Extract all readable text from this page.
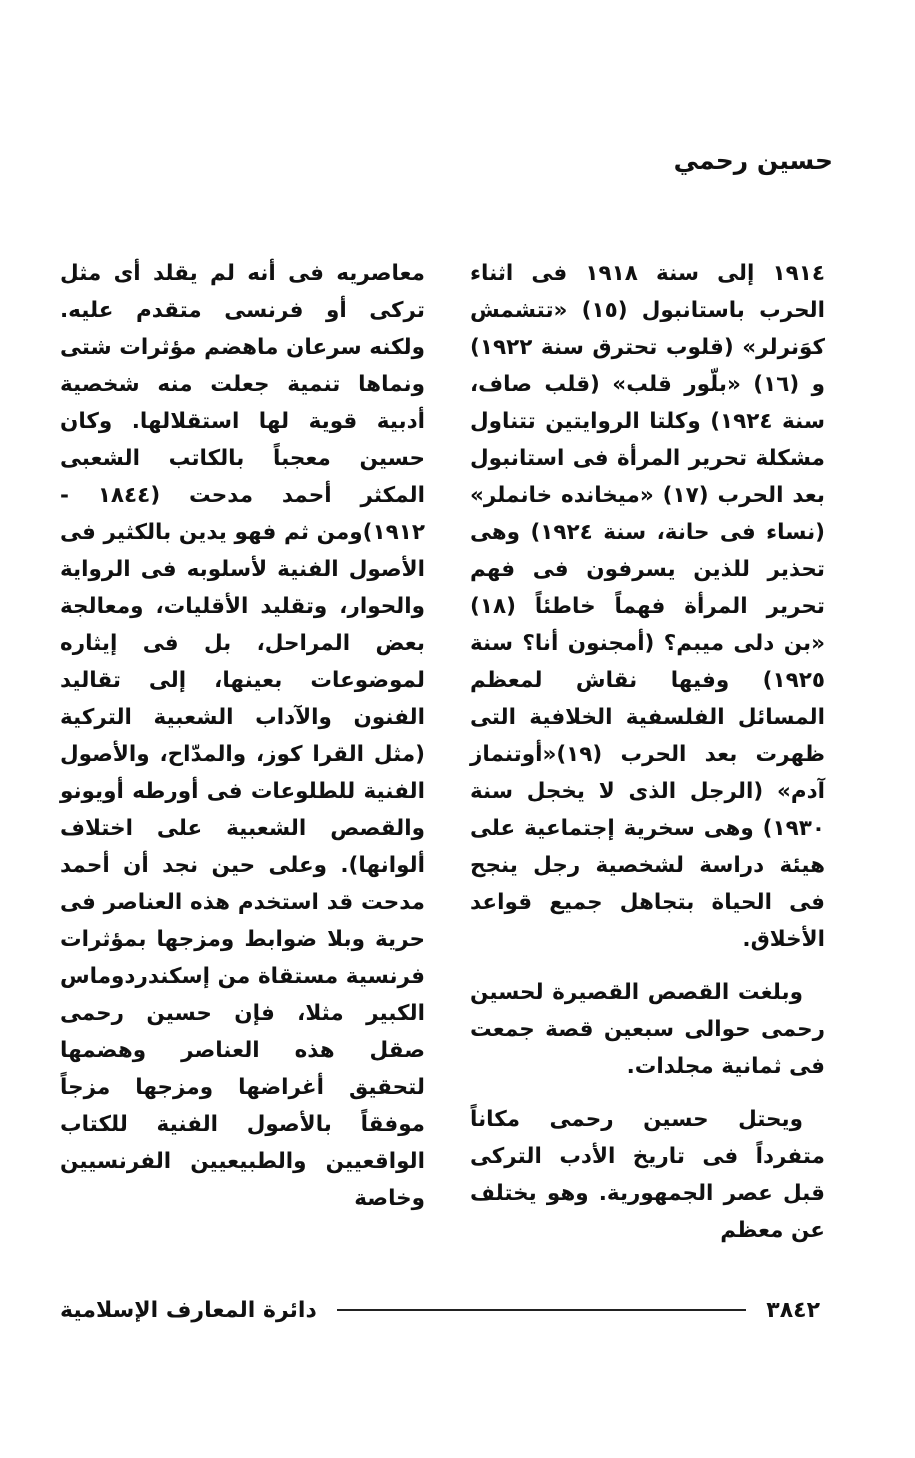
حسين رحمي

١٩١٤ إلى سنة ١٩١٨ فى اثناء الحرب باستانبول (١٥) «تتشمش كوَنرلر» (قلوب تحترق سنة ١٩٢٢) و (١٦) «بلّور قلب» (قلب صاف، سنة ١٩٢٤) وكلتا الروايتين تتناول مشكلة تحرير المرأة فى استانبول بعد الحرب (١٧) «ميخانده خانملر» (نساء فى حانة، سنة ١٩٢٤) وهى تحذير للذين يسرفون فى فهم تحرير المرأة فهماً خاطئاً (١٨) «بن دلى ميبم؟ (أمجنون أنا؟ سنة ١٩٢٥) وفيها نقاش لمعظم المسائل الفلسفية الخلافية التى ظهرت بعد الحرب (١٩)«أوتنماز آدم» (الرجل الذى لا يخجل سنة ١٩٣٠) وهى سخرية إجتماعية على هيئة دراسة لشخصية رجل ينجح فى الحياة بتجاهل جميع قواعد الأخلاق.

وبلغت القصص القصيرة لحسين رحمى حوالى سبعين قصة جمعت فى ثمانية مجلدات.

ويحتل حسين رحمى مكاناً متفرداً فى تاريخ الأدب التركى قبل عصر الجمهورية. وهو يختلف عن معظم

معاصريه فى أنه لم يقلد أى مثل تركى أو فرنسى متقدم عليه. ولكنه سرعان ماهضم مؤثرات شتى ونماها تنمية جعلت منه شخصية أدبية قوية لها استقلالها. وكان حسين معجباً بالكاتب الشعبى المكثر أحمد مدحت (١٨٤٤ - ١٩١٢)ومن ثم فهو يدين بالكثير فى الأصول الفنية لأسلوبه فى الرواية والحوار، وتقليد الأقليات، ومعالجة بعض المراحل، بل فى إيثاره لموضوعات بعينها، إلى تقاليد الفنون والآداب الشعبية التركية (مثل القرا كوز، والمدّاح، والأصول الفنية للطلوعات فى أورطه أويونو والقصص الشعبية على اختلاف ألوانها). وعلى حين نجد أن أحمد مدحت قد استخدم هذه العناصر فى حرية وبلا ضوابط ومزجها بمؤثرات فرنسية مستقاة من إسكندردوماس الكبير مثلا، فإن حسين رحمى صقل هذه العناصر وهضمها لتحقيق أغراضها ومزجها مزجاً موفقاً بالأصول الفنية للكتاب الواقعيين والطبيعيين الفرنسيين وخاصة

٣٨٤٢
دائرة المعارف الإسلامية
